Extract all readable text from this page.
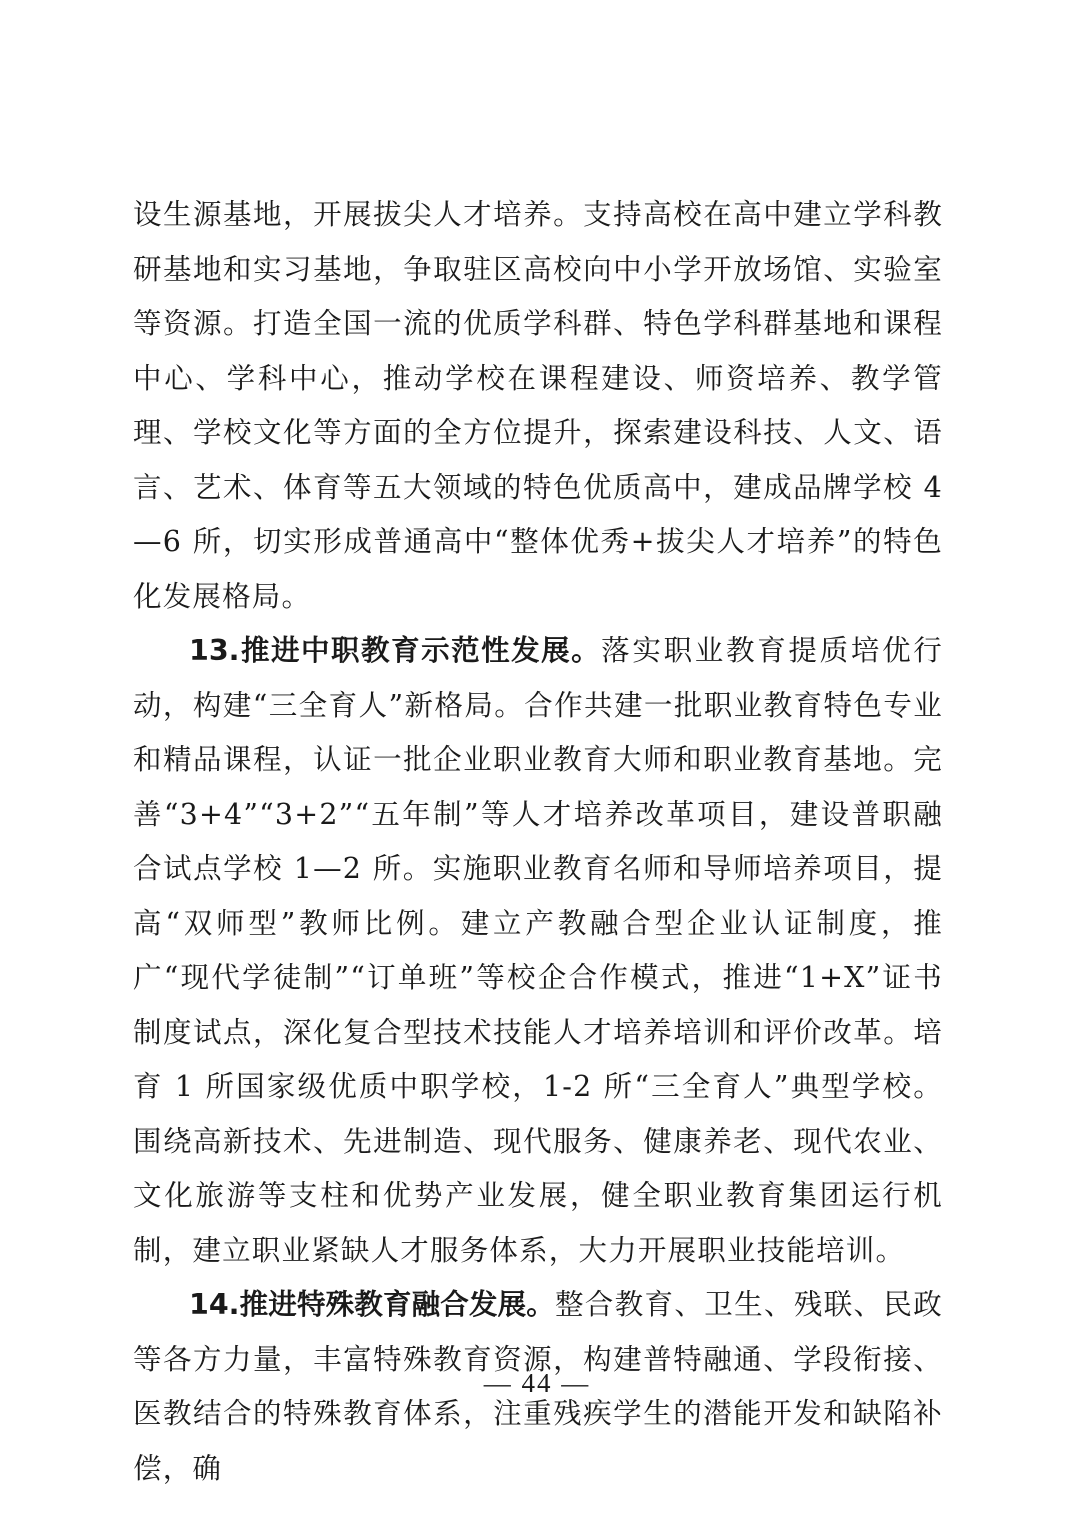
设生源基地，开展拔尖人才培养。支持高校在高中建立学科教研基地和实习基地，争取驻区高校向中小学开放场馆、实验室等资源。打造全国一流的优质学科群、特色学科群基地和课程中心、学科中心，推动学校在课程建设、师资培养、教学管理、学校文化等方面的全方位提升，探索建设科技、人文、语言、艺术、体育等五大领域的特色优质高中，建成品牌学校 4—6 所，切实形成普通高中“整体优秀+拔尖人才培养”的特色化发展格局。

13.推进中职教育示范性发展。落实职业教育提质培优行动，构建“三全育人”新格局。合作共建一批职业教育特色专业和精品课程，认证一批企业职业教育大师和职业教育基地。完善“3+4”“3+2”“五年制”等人才培养改革项目，建设普职融合试点学校 1—2 所。实施职业教育名师和导师培养项目，提高“双师型”教师比例。建立产教融合型企业认证制度，推广“现代学徒制”“订单班”等校企合作模式，推进“1+X”证书制度试点，深化复合型技术技能人才培养培训和评价改革。培育 1 所国家级优质中职学校，1-2 所“三全育人”典型学校。围绕高新技术、先进制造、现代服务、健康养老、现代农业、文化旅游等支柱和优势产业发展，健全职业教育集团运行机制，建立职业紧缺人才服务体系，大力开展职业技能培训。

14.推进特殊教育融合发展。整合教育、卫生、残联、民政等各方力量，丰富特殊教育资源，构建普特融通、学段衔接、医教结合的特殊教育体系，注重残疾学生的潜能开发和缺陷补偿，确

— 44 —
